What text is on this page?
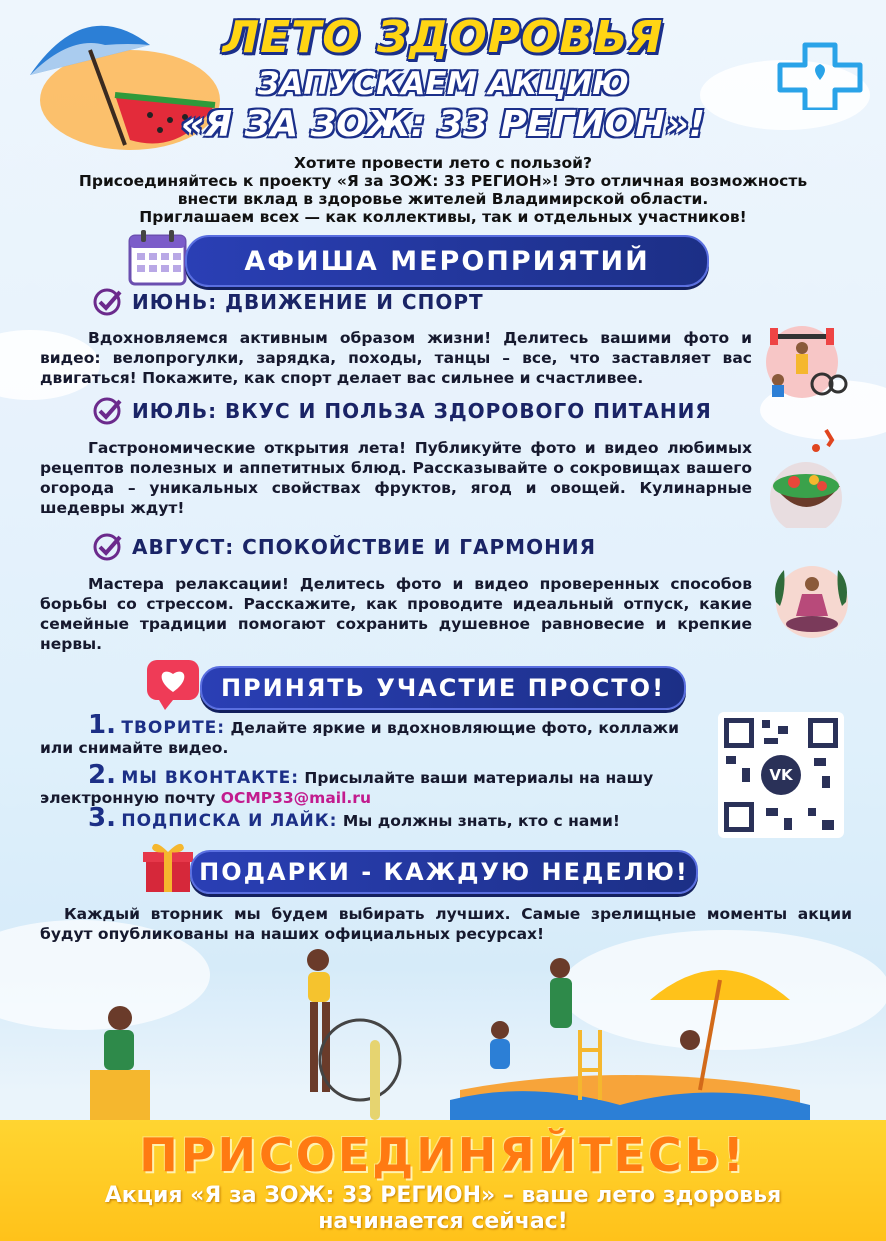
ЛЕТО ЗДОРОВЬЯ
ЗАПУСКАЕМ АКЦИЮ
«Я ЗА ЗОЖ: 33 РЕГИОН»!
Хотите провести лето с пользой?
Присоединяйтесь к проекту «Я за ЗОЖ: 33 РЕГИОН»! Это отличная возможность
внести вклад в здоровье жителей Владимирской области.
Приглашаем всех — как коллективы, так и отдельных участников!
АФИША МЕРОПРИЯТИЙ
ИЮНЬ: ДВИЖЕНИЕ И СПОРТ
Вдохновляемся активным образом жизни! Делитесь вашими фото и видео: велопрогулки, зарядка, походы, танцы – все, что заставляет вас двигаться! Покажите, как спорт делает вас сильнее и счастливее.
ИЮЛЬ: ВКУС И ПОЛЬЗА ЗДОРОВОГО ПИТАНИЯ
Гастрономические открытия лета! Публикуйте фото и видео любимых рецептов полезных и аппетитных блюд. Рассказывайте о сокровищах вашего огорода – уникальных свойствах фруктов, ягод и овощей. Кулинарные шедевры ждут!
АВГУСТ: СПОКОЙСТВИЕ И ГАРМОНИЯ
Мастера релаксации! Делитесь фото и видео проверенных способов борьбы со стрессом. Расскажите, как проводите идеальный отпуск, какие семейные традиции помогают сохранить душевное равновесие и крепкие нервы.
ПРИНЯТЬ УЧАСТИЕ ПРОСТО!
1. ТВОРИТЕ: Делайте яркие и вдохновляющие фото, коллажи или снимайте видео.
2. МЫ ВКОНТАКТЕ: Присылайте ваши материалы на нашу электронную почту ОСМР33@mail.ru
3. ПОДПИСКА И ЛАЙК: Мы должны знать, кто с нами!
VK
ПОДАРКИ - КАЖДУЮ НЕДЕЛЮ!
Каждый вторник мы будем выбирать лучших. Самые зрелищные моменты акции будут опубликованы на наших официальных ресурсах!
ПРИСОЕДИНЯЙТЕСЬ!
Акция «Я за ЗОЖ: 33 РЕГИОН» – ваше лето здоровья
начинается сейчас!
